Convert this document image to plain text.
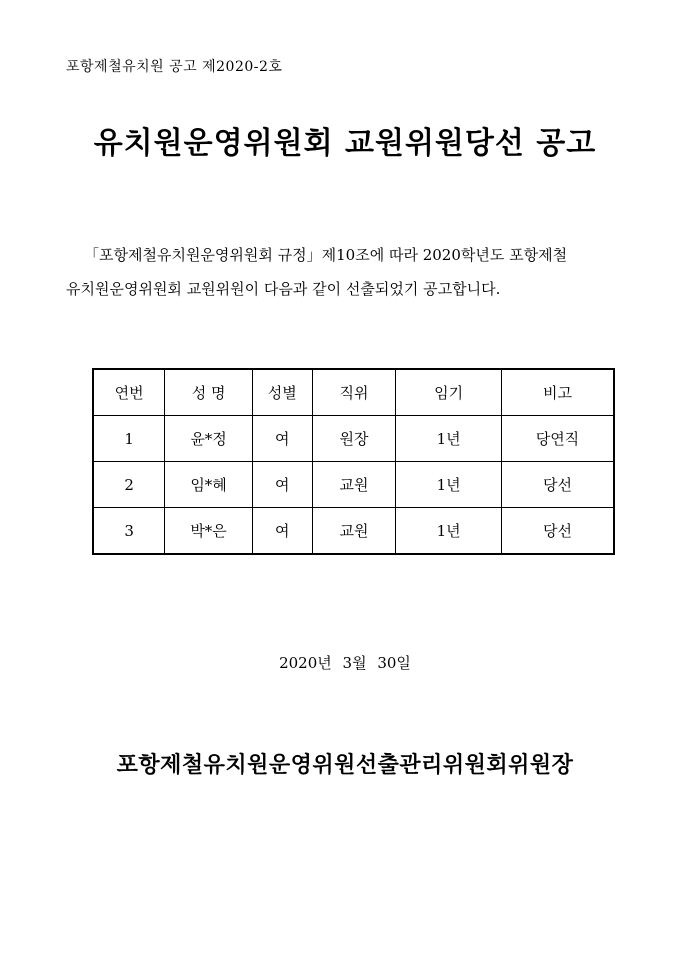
포항제철유치원 공고 제2020-2호
유치원운영위원회 교원위원당선 공고
「포항제철유치원운영위원회 규정」제10조에 따라 2020학년도 포항제철
유치원운영위원회 교원위원이 다음과 같이 선출되었기 공고합니다.
연번	성 명	성별	직위	임기	비고
1	윤*정	여	원장	1년	당연직
2	임*혜	여	교원	1년	당선
3	박*은	여	교원	1년	당선
2020년 3월 30일
포항제철유치원운영위원선출관리위원회위원장
